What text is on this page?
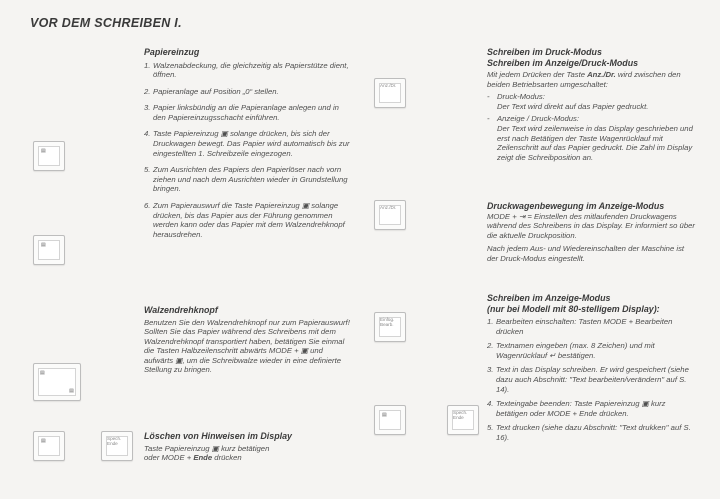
VOR DEM SCHREIBEN I.
▤
▤
▤
▤
▤	Spech. Ende
Anz./Dr.
Anz./Dr.
Einfüg. Bearb.
▤	Spech. Ende
Papiereinzug
1. Walzenabdeckung, die gleichzeitig als Papierstütze dient, öffnen.
2. Papieranlage auf Position „0“ stellen.
3. Papier linksbündig an die Papieranlage anlegen und in den Papiereinzugsschacht einführen.
4. Taste Papiereinzug ▣ solange drücken, bis sich der Druckwagen bewegt. Das Papier wird automatisch bis zur eingestellten 1. Schreibzeile eingezogen.
5. Zum Ausrichten des Papiers den Papierlöser nach vorn ziehen und nach dem Ausrichten wieder in Grundstellung bringen.
6. Zum Papierauswurf die Taste Papiereinzug ▣ solange drücken, bis das Papier aus der Führung genommen werden kann oder das Papier mit dem Walzendrehknopf herausdrehen.
Walzendrehknopf

Benutzen Sie den Walzendrehknopf nur zum Papierauswurf! Sollten Sie das Papier während des Schreibens mit dem Walzendrehknopf transportiert haben, betätigen Sie einmal die Tasten Halbzeilenschritt abwärts MODE + ▣ und aufwärts ▣, um die Schreibwalze wieder in eine definierte Stellung zu bringen.

Löschen von Hinweisen im Display

Taste Papiereinzug ▣ kurz betätigen

oder MODE + Ende drücken

Schreiben im Druck-Modus
Schreiben im Anzeige/Druck-Modus

Mit jedem Drücken der Taste Anz./Dr. wird zwischen den beiden Betriebsarten umgeschaltet:

- Druck-Modus:
Der Text wird direkt auf das Papier gedruckt.
- Anzeige / Druck-Modus:
Der Text wird zeilenweise in das Display geschrieben und erst nach Betätigen der Taste Wagenrücklauf mit Zeilenschritt auf das Papier gedruckt. Die Zahl im Display zeigt die Schreibposition an.
Druckwagenbewegung im Anzeige-Modus

MODE + ⇥ = Einstellen des mitlaufenden Druckwagens während des Schreibens in das Display. Er informiert so über die aktuelle Druckposition.

Nach jedem Aus- und Wiedereinschalten der Maschine ist der Druck-Modus eingestellt.

Schreiben im Anzeige-Modus
(nur bei Modell mit 80-stelligem Display):
1. Bearbeiten einschalten: Tasten MODE + Bearbeiten drücken
2. Textnamen eingeben (max. 8 Zeichen) und mit Wagenrücklauf ↵ bestätigen.
3. Text in das Display schreiben. Er wird gespeichert (siehe dazu auch Abschnitt: "Text bearbeiten/verändern" auf S. 14).
4. Texteingabe beenden: Taste Papiereinzug ▣ kurz betätigen oder MODE + Ende drücken.
5. Text drucken (siehe dazu Abschnitt: "Text drukken" auf S. 16).
